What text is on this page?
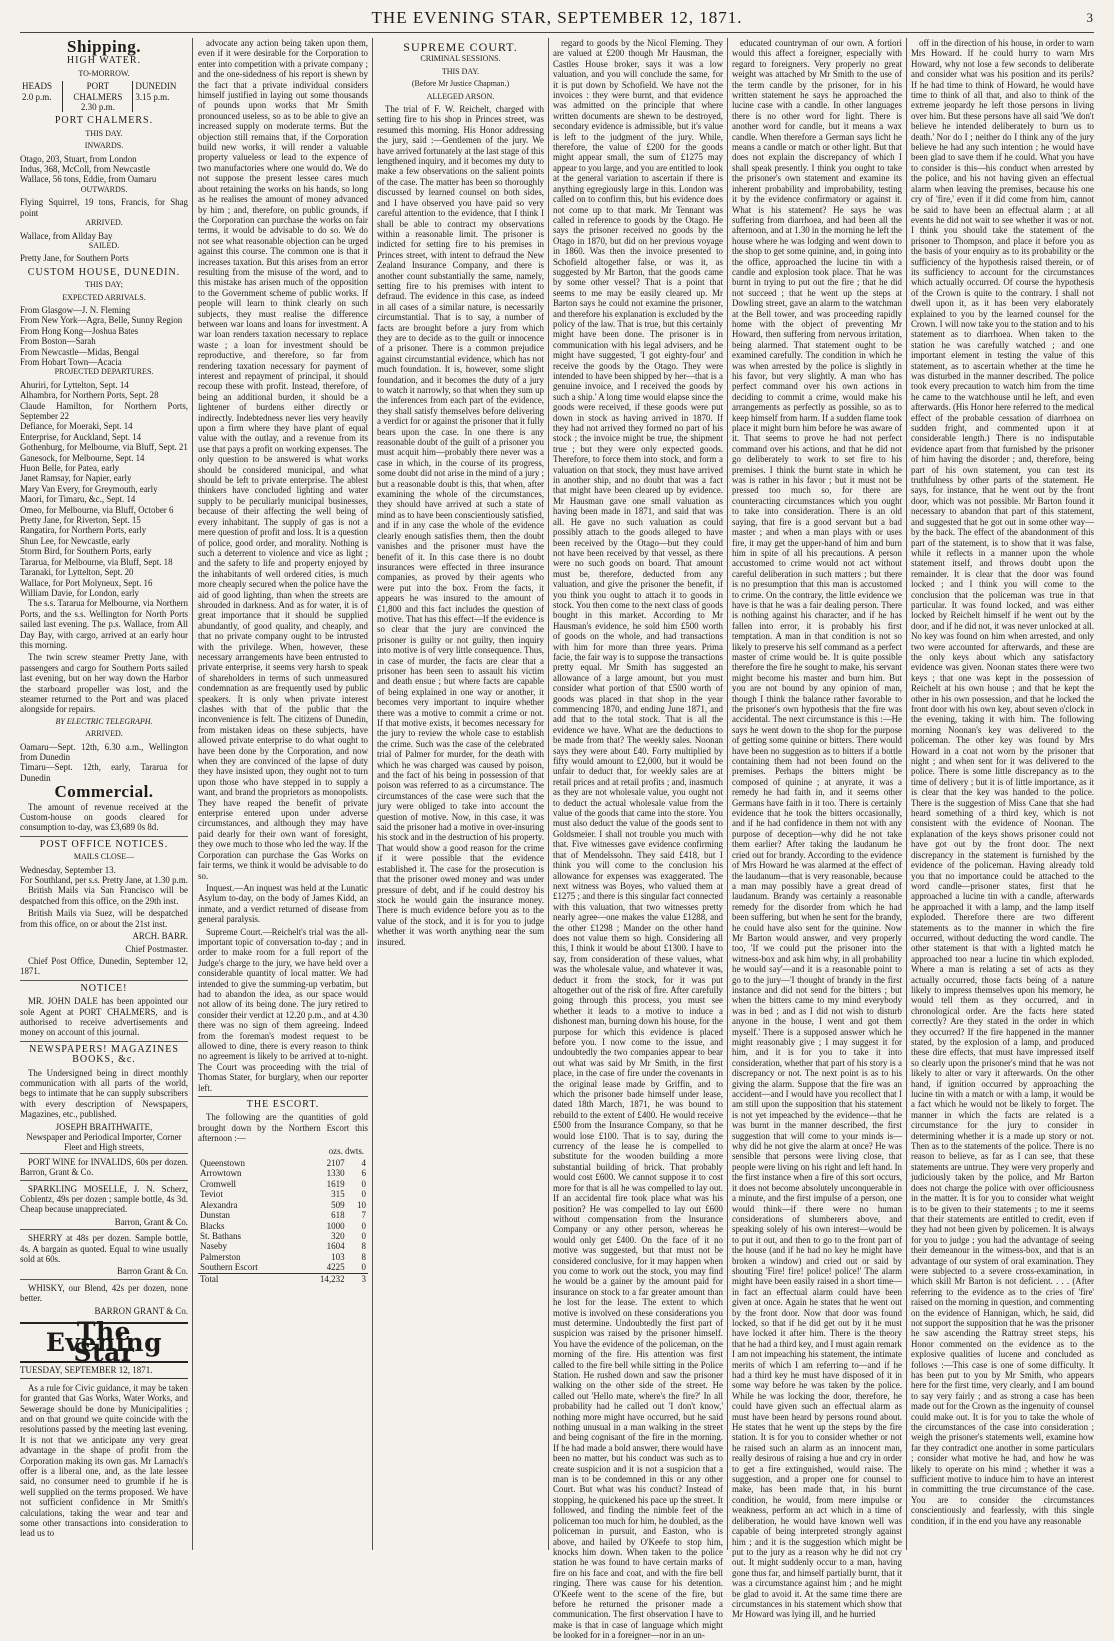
THE EVENING STAR, SEPTEMBER 12, 1871.	3
Shipping.
HIGH WATER.
TO-MORROW.
HEADS 2.0 p.m.	PORT CHALMERS 2.30 p.m.	DUNEDIN 3.15 p.m.
PORT CHALMERS.
THIS DAY.
INWARDS.
Otago, 203, Stuart, from London
Indus, 368, McColl, from Newcastle
Wallace, 56 tons, Eddie, from Oamaru
OUTWARDS.
Flying Squirrel, 19 tons, Francis, for Shag point
ARRIVED.
Wallace, from Allday Bay
SAILED.
Pretty Jane, for Southern Ports
CUSTOM HOUSE, DUNEDIN.
THIS DAY;
EXPECTED ARRIVALS.
From Glasgow—J. N. Fleming
From New York—Agra, Belle, Sunny Region
From Hong Kong—Joshua Bates
From Boston—Sarah
From Newcastle—Midas, Bengal
From Hobart Town—Acacia
PROJECTED DEPARTURES.
Ahuriri, for Lyttelton, Sept. 14
Alhambra, for Northern Ports, Sept. 28
Claude Hamilton, for Northern Ports, September 22
Defiance, for Moeraki, Sept. 14
Enterprise, for Auckland, Sept. 14
Gothenburg, for Melbourne, via Bluff, Sept. 21
Ganesock, for Melbourne, Sept. 14
Huon Belle, for Patea, early
Janet Ramsay, for Napier, early
Mary Van Every, for Greymouth, early
Maori, for Timaru, &c., Sept. 14
Omeo, for Melbourne, via Bluff, October 6
Pretty Jane, for Riverton, Sept. 15
Rangatira, for Northern Ports, early
Shun Lee, for Newcastle, early
Storm Bird, for Southern Ports, early
Tararua, for Melbourne, via Bluff, Sept. 18
Taranaki, for Lyttelton, Sept. 20
Wallace, for Port Molyneux, Sept. 16
William Davie, for London, early

The s.s. Tararua for Melbourne, via Northern Ports, and the s.s. Wellington for North Ports sailed last evening. The p.s. Wallace, from All Day Bay, with cargo, arrived at an early hour this morning.

The twin screw steamer Pretty Jane, with passengers and cargo for Southern Ports sailed last evening, but on her way down the Harbor the starboard propeller was lost, and the steamer returned to the Port and was placed alongside for repairs.

BY ELECTRIC TELEGRAPH.
ARRIVED.
Oamaru—Sept. 12th, 6.30 a.m., Wellington from Dunedin
Timaru—Sept. 12th, early, Tararua for Dunedin
Commercial.

The amount of revenue received at the Custom-house on goods cleared for consumption to-day, was £3,689 0s 8d.

POST OFFICE NOTICES.
MAILS CLOSE—
Wednesday, September 13.
For Southland, per s.s. Pretty Jane, at 1.30 p.m.

British Mails via San Francisco will be despatched from this office, on the 29th inst.

British Mails via Suez, will be despatched from this office, on or about the 21st inst.

ARCH. BARR.

Chief Postmaster.

Chief Post Office, Dunedin, September 12, 1871.

NOTICE!

MR. JOHN DALE has been appointed our sole Agent at PORT CHALMERS, and is authorised to receive advertisements and money on account of this journal.

NEWSPAPERS! MAGAZINES BOOKS, &c.

The Undersigned being in direct monthly communication with all parts of the world, begs to intimate that he can supply subscribers with every description of Newspapers, Magazines, etc., published.

JOSEPH BRAITHWAITE,
Newspaper and Periodical Importer, Corner Fleet and High streets,

PORT WINE for INVALIDS, 60s per dozen. Barron, Grant & Co.

SPARKLING MOSELLE, J. N. Scherz, Coblentz, 49s per dozen ; sample bottle, 4s 3d. Cheap because unappreciated.

Barron, Grant & Co.

SHERRY at 48s per dozen. Sample bottle, 4s. A bargain as quoted. Equal to wine usually sold at 60s.

Barron Grant & Co.

WHISKY, our Blend, 42s per dozen, none better.

BARRON GRANT & Co.

The Evening Star
TUESDAY, SEPTEMBER 12, 1871.

As a rule for Civic guidance, it may be taken for granted that Gas Works, Water Works, and Sewerage should be done by Municipalities ; and on that ground we quite coincide with the resolutions passed by the meeting last evening. It is not that we anticipate any very great advantage in the shape of profit from the Corporation making its own gas. Mr Larnach's offer is a liberal one, and, as the late lessee said, no consumer need to grumble if he is well supplied on the terms proposed. We have not sufficient confidence in Mr Smith's calculations, taking the wear and tear and some other transactions into consideration to lead us to

advocate any action being taken upon them, even if it were desirable for the Corporation to enter into competition with a private company ; and the one-sidedness of his report is shewn by the fact that a private individual considers himself justified in laying out some thousands of pounds upon works that Mr Smith pronounced useless, so as to be able to give an increased supply on moderate terms. But the objection still remains that, if the Corporation build new works, it will render a valuable property valueless or lead to the expence of two manufactories where one would do. We do not suppose the present lessee cares much about retaining the works on his hands, so long as he realises the amount of money advanced by him ; and, therefore, on public grounds, if the Corporation can purchase the works on fair terms, it would be advisable to do so. We do not see what reasonable objection can be urged against this course. The common one is that it increases taxation. But this arises from an error resulting from the misuse of the word, and to this mistake has arisen much of the opposition to the Government scheme of public works. If people will learn to think clearly on such subjects, they must realise the difference between war loans and loans for investment. A war loan renders taxation necessary to replace waste ; a loan for investment should be reproductive, and therefore, so far from rendering taxation necessary for payment of interest and repayment of principal, it should recoup these with profit. Instead, therefore, of being an additional burden, it should be a lightener of burdens either directly or indirectly. Indebtedness never lies very heavily upon a firm where they have plant of equal value with the outlay, and a revenue from its use that pays a profit on working expenses. The only question to be answered is what works should be considered municipal, and what should be left to private enterprise. The ablest thinkers have concluded lighting and water supply to be peculiarly municipal businesses, because of their affecting the well being of every inhabitant. The supply of gas is not a mere question of profit and loss. It is a question of police, good order, and morality. Nothing is such a deterrent to violence and vice as light ; and the safety to life and property enjoyed by the inhabitants of well ordered cities, is much more cheaply secured when the police have the aid of good lighting, than when the streets are shrouded in darkness. And as for water, it is of great importance that it should be supplied abundantly, of good quality, and cheaply, and that no private company ought to be intrusted with the privilege. When, however, these necessary arrangements have been entrusted to private enterprise, it seems very harsh to speak of shareholders in terms of such unmeasured condemnation as are frequently used by public speakers. It is only when private interest clashes with that of the public that the inconvenience is felt. The citizens of Dunedin, from mistaken ideas on these subjects, have allowed private enterprise to do what ought to have been done by the Corporation, and now when they are convinced of the lapse of duty they have insisted upon, they ought not to turn upon those who have stepped in to supply a want, and brand the proprietors as monopolists. They have reaped the benefit of private enterprise entered upon under adverse circumstances, and although they may have paid dearly for their own want of foresight, they owe much to those who led the way. If the Corporation can purchase the Gas Works on fair terms, we think it would be advisable to do so.

Inquest.—An inquest was held at the Lunatic Asylum to-day, on the body of James Kidd, an inmate, and a verdict returned of disease from general paralysis.

Supreme Court.—Reichelt's trial was the all-important topic of conversation to-day ; and in order to make room for a full report of the Judge's charge to the jury, we have held over a considerable quantity of local matter. We had intended to give the summing-up verbatim, but had to abandon the idea, as our space would not allow of its being done. The jury retired to consider their verdict at 12.20 p.m., and at 4.30 there was no sign of them agreeing. Indeed from the foreman's modest request to be allowed to dine, there is every reason to think no agreement is likely to be arrived at to-night. The Court was proceeding with the trial of Thomas Stater, for burglary, when our reporter left.

THE ESCORT.

The following are the quantities of gold brought down by the Northern Escort this afternoon :—

ozs. dwts.
Queenstown	2107	4
Arrowtown	1330	6
Cromwell	1619	0
Teviot	315	0
Alexandra	509	10
Dunstan	618	7
Blacks	1000	0
St. Bathans	320	0
Naseby	1604	8
Palmerston	103	8
Southern Escort	4225	0
Total	14,232	3
SUPREME COURT.
CRIMINAL SESSIONS.
THIS DAY.
(Before Mr Justice Chapman.)
ALLEGED ARSON.

The trial of F. W. Reichelt, charged with setting fire to his shop in Princes street, was resumed this morning. His Honor addressing the jury, said :—Gentlemen of the jury. We have arrived fortunately at the last stage of this lengthened inquiry, and it becomes my duty to make a few observations on the salient points of the case. The matter has been so thoroughly discussed by learned counsel on both sides, and I have observed you have paid so very careful attention to the evidence, that I think I shall be able to contract my observations within a reasonable limit. The prisoner is indicted for setting fire to his premises in Princes street, with intent to defraud the New Zealand Insurance Company, and there is another count substantially the same, namely, setting fire to his premises with intent to defraud. The evidence in this case, as indeed in all cases of a similar nature, is necessarily circumstantial. That is to say, a number of facts are brought before a jury from which they are to decide as to the guilt or innocence of a prisoner. There is a common prejudice against circumstantial evidence, which has not much foundation. It is, however, some slight foundation, and it becomes the duty of a jury to watch it narrowly, so that when they sum up the inferences from each part of the evidence, they shall satisfy themselves before delivering a verdict for or against the prisoner that it fully bears upon the case. In one there is any reasonable doubt of the guilt of a prisoner you must acquit him—probably there never was a case in which, in the course of its progress, some doubt did not arise in the mind of a jury ; but a reasonable doubt is this, that when, after examining the whole of the circumstances, they should have arrived at such a state of mind as to have been conscientiously satisfied, and if in any case the whole of the evidence clearly enough satisfies them, then the doubt vanishes and the prisoner must have the benefit of it. In this case there is no doubt insurances were effected in three insurance companies, as proved by their agents who were put into the box. From the facts, it appears he was insured to the amount of £1,800 and this fact includes the question of motive. That has this effect—If the evidence is so clear that the jury are convinced the prisoner is guilty or not guilty, then inquiry into motive is of very little consequence. Thus, in case of murder, the facts are clear that a prisoner has been seen to assault his victim and death ensue ; but where facts are capable of being explained in one way or another, it becomes very important to inquire whether there was a motive to commit a crime or not. If that motive exists, it becomes necessary for the jury to review the whole case to establish the crime. Such was the case of the celebrated trial of Palmer for murder, for the death with which he was charged was caused by poison, and the fact of his being in possession of that poison was referred to as a circumstance. The circumstances of the case were such that the jury were obliged to take into account the question of motive. Now, in this case, it was said the prisoner had a motive in over-insuring his stock and in the destruction of his property. That would show a good reason for the crime if it were possible that the evidence established it. The case for the prosecution is that the prisoner owed money and was under pressure of debt, and if he could destroy his stock he would gain the insurance money. There is much evidence before you as to the value of the stock, and it is for you to judge whether it was worth anything near the sum insured.

regard to goods by the Nicol Fleming. They are valued at £200 though Mr Hausman, the Castles House broker, says it was a low valuation, and you will conclude the same, for it is put down by Schofield. We have not the invoices : they were burnt, and that evidence was admitted on the principle that where written documents are shewn to be destroyed, secondary evidence is admissible, but it's value is left to the judgment of the jury. While, therefore, the value of £200 for the goods might appear small, the sum of £1275 may appear to you large, and you are entitled to look at the general variation to ascertain if there is anything egregiously large in this. London was called on to confirm this, but his evidence does not come up to that mark. Mr Tennant was called in reference to goods by the Otago. He says the prisoner received no goods by the Otago in 1870, but did on her previous voyage in 1860. Was then the invoice presented to Schofield altogether false, or was it, as suggested by Mr Barton, that the goods came by some other vessel? That is a point that seems to me may be easily cleared up. Mr Barton says he could not examine the prisoner, and therefore his explanation is excluded by the policy of the law. That is true, but this certainly might have been done. The prisoner is in communication with his legal advisers, and he might have suggested, 'I got eighty-four' and receive the goods by the Otago. They were intended to have been shipped by her—that is a genuine invoice, and I received the goods by such a ship.' A long time would elapse since the goods were received, if these goods were put down in stock as having arrived in 1870. If they had not arrived they formed no part of his stock ; the invoice might be true, the shipment true ; but they were only expected goods. Therefore, to force them into stock, and form a valuation on that stock, they must have arrived in another ship, and no doubt that was a fact that might have been cleared up by evidence. Mr Hausman gave one small valuation as having been made in 1871, and said that was all. He gave no such valuation as could possibly attach to the goods alleged to have been received by the Otago—but they could not have been received by that vessel, as there were no such goods on board. That amount must be, therefore, deducted from any valuation, and give the prisoner the benefit, if you think you ought to attach it to goods in stock. You then come to the next class of goods bought in this market. According to Mr Hausman's evidence, he sold him £500 worth of goods on the whole, and had transactions with him for more than three years. Prima facie, the fair way is to suppose the transactions pretty equal. Mr Smith has suggested an allowance of a large amount, but you must consider what portion of that £500 worth of goods was placed in that shop in the year commencing 1870, and ending June 1871, and add that to the total stock. That is all the evidence we have. What are the deductions to be made from that? The weekly sales. Noonan says they were about £40. Forty multiplied by fifty would amount to £2,000, but it would be unfair to deduct that, for weekly sales are at retail prices and at retail profits ; and, inasmuch as they are not wholesale value, you ought not to deduct the actual wholesale value from the value of the goods that came into the store. You must also deduct the value of the goods sent to Goldsmeier. I shall not trouble you much with that. Five witnesses gave evidence confirming that of Mendelssohn. They said £418, but I think you will come to the conclusion his allowance for expenses was exaggerated. The next witness was Boyes, who valued them at £1275 ; and there is this singular fact connected with this valuation, that two witnesses pretty nearly agree—one makes the value £1288, and the other £1298 ; Mander on the other hand does not value them so high. Considering all this, I think it would be about £1300. I have to say, from consideration of these values, what was the wholesale value, and whatever it was, deduct it from the stock, for it was put altogether out of the risk of fire. After carefully going through this process, you must see whether it leads to a motive to induce a dishonest man, burning down his house, for the purpose for which this evidence is placed before you. I now come to the issue, and undoubtedly the two companies appear to bear out what was said by Mr Smith, in the first place, in the case of fire under the covenants in the original lease made by Griffin, and to which the prisoner bade himself under lease, dated 18th March, 1871, he was bound to rebuild to the extent of £400. He would receive £500 from the Insurance Company, so that he would lose £100. That is to say, during the currency of the lease he is compelled to substitute for the wooden building a more substantial building of brick. That probably would cost £600. We cannot suppose it to cost more for that is all he was compelled to lay out. If an accidental fire took place what was his position? He was compelled to lay out £600 without compensation from the Insurance Company or any other person, whereas he would only get £400. On the face of it no motive was suggested, but that must not be considered conclusive, for it may happen when you come to work out the stock, you may find he would be a gainer by the amount paid for insurance on stock to a far greater amount than he lost for the lease. The extent to which motive is involved on these considerations you must determine. Undoubtedly the first part of suspicion was raised by the prisoner himself. You have the evidence of the policeman, on the morning of the fire. His attention was first called to the fire bell while sitting in the Police Station. He rushed down and saw the prisoner walking on the other side of the street. He called out 'Hello mate, where's the fire?' In all probability had he called out 'I don't know,' nothing more might have occurred, but he said nothing unusual in a man walking in the street and being cognisant of the fire in the morning. If he had made a bold answer, there would have been no matter, but his conduct was such as to create suspicion and it is not a suspicion that a man is to be condemned in this or any other Court. But what was his conduct? Instead of stopping, he quickened his pace up the street. It followed, and finding the nimble feet of the policeman too much for him, he doubled, as the policeman in pursuit, and Easton, who is above, and hailed by O'Keefe to stop him, knocks him down. When taken to the police station he was found to have certain marks of fire on his face and coat, and with the fire bell ringing. There was cause for his detention. O'Keefe went to the scene of the fire, but before he returned the prisoner made a communication. The first observation I have to make is that in case of language which might be looked for in a foreigner—nor in an un-

educated countryman of our own. A fortiori would this affect a foreigner, especially with regard to foreigners. Very properly no great weight was attached by Mr Smith to the use of the term candle by the prisoner, for in his written statement he says he approached the lucine case with a candle. In other languages there is no other word for light. There is another word for candle, but it means a wax candle. When therefore a German says licht he means a candle or match or other light. But that does not explain the discrepancy of which I shall speak presently. I think you ought to take the prisoner's own statement and examine its inherent probability and improbability, testing it by the evidence confirmatory or against it. What is his statement? He says he was suffering from diarrhoea, and had been all the afternoon, and at 1.30 in the morning he left the house where he was lodging and went down to the shop to get some quinine, and, in going into the office, approached the lucine tin with a candle and explosion took place. That he was burnt in trying to put out the fire ; that he did not succeed ; that he went up the steps at Dowling street, gave an alarm to the watchman at the Bell tower, and was proceeding rapidly home with the object of preventing Mr Howard, then suffering from nervous irritation, being alarmed. That statement ought to be examined carefully. The condition in which he was when arrested by the police is slightly in his favor, but very slightly. A man who has perfect command over his own actions in deciding to commit a crime, would make his arrangements as perfectly as possible, so as to keep himself from harm. If a sudden flame took place it might burn him before he was aware of it. That seems to prove he had not perfect command over his actions, and that he did not go deliberately to work to set fire to his premises. I think the burnt state in which he was is rather in his favor ; but it must not be pressed too much so, for there are counteracting circumstances which you ought to take into consideration. There is an old saying, that fire is a good servant but a bad master ; and when a man plays with or uses fire, it may get the upper-hand of him and burn him in spite of all his precautions. A person accustomed to crime would not act without careful deliberation in such matters ; but there is no presumption that this man is accustomed to crime. On the contrary, the little evidence we have is that he was a fair dealing person. There is nothing against his character, and if he has fallen into error, it is probably his first temptation. A man in that condition is not so likely to preserve his self command as a perfect master of crime would be. It is quite possible therefore the fire he sought to make, his servant might become his master and burn him. But you are not bound by any opinion of man, though I think the balance rather favorable to the prisoner's own hypothesis that the fire was accidental. The next circumstance is this :—He says he went down to the shop for the purpose of getting some quinine or bitters. There would have been no suggestion as to bitters if a bottle containing them had not been found on the premises. Perhaps the bitters might be composed of quinine ; at anyrate, it was a remedy he had faith in, and it seems other Germans have faith in it too. There is certainly evidence that he took the bitters occasionally, and if he had confidence in them not with any purpose of deception—why did he not take them earlier? After taking the laudanum he cried out for brandy. According to the evidence of Mrs Howard he was alarmed at the effect of the laudanum—that is very reasonable, because a man may possibly have a great dread of laudanum. Brandy was certainly a reasonable remedy for the disorder from which he had been suffering, but when he sent for the brandy, he could have also sent for the quinine. Now Mr Barton would answer, and very properly too, 'If we could put the prisoner into the witness-box and ask him why, in all probability he would say'—and it is a reasonable point to go to the jury—'I thought of brandy in the first instance and did not send for the bitters ; but when the bitters came to my mind everybody was in bed ; and as I did not wish to disturb anyone in the house, I went and got them myself.' There is a supposed answer which he might reasonably give ; I may suggest it for him, and it is for you to take it into consideration, whether that part of his story is a discrepancy or not. The next point is as to his giving the alarm. Suppose that the fire was an accident—and I would have you recollect that I am still upon the supposition that his statement is not yet impeached by the evidence—that he was burnt in the manner described, the first suggestion that will come to your minds is—why did he not give the alarm at once? He was sensible that persons were living close, that people were living on his right and left hand. In the first instance when a fire of this sort occurs, it does not become absolutely unconquerable in a minute, and the first impulse of a person, one would think—if there were no human considerations of slumberers above, and speaking solely of his own interest—would be to put it out, and then to go to the front part of the house (and if he had no key he might have broken a window) and cried out or said by shouting 'Fire! fire! police! police!' The alarm might have been easily raised in a short time—in fact an effectual alarm could have been given at once. Again he states that he went out by the front door. Now that door was found locked, so that if he did get out by it he must have locked it after him. There is the theory that he had a third key, and I must again remark I am not impeaching his statement, the intimate merits of which I am referring to—and if he had a third key he must have disposed of it in some way before he was taken by the police. While he was locking the door, therefore, he could have given such an effectual alarm as must have been heard by persons round about. He states that he went up the steps by the fire station. It is for you to consider whether or not he raised such an alarm as an innocent man, really desirous of raising a hue and cry in order to get a fire extinguished, would raise. The suggestion, and a proper one for counsel to make, has been made that, in his burnt condition, he would, from mere impulse or weakness, perform an act which in a time of deliberation, he would have known well was capable of being interpreted strongly against him ; and it is the suggestion which might be put to the jury as a reason why he did not cry out. It might suddenly occur to a man, having gone thus far, and himself partially burnt, that it was a circumstance against him ; and he might be glad to avoid it. At the same time there are circumstances in his statement which show that Mr Howard was lying ill, and he hurried

off in the direction of his house, in order to warn Mrs Howard. If he could hurry to warn Mrs Howard, why not lose a few seconds to deliberate and consider what was his position and its perils? If he had time to think of Howard, he would have time to think of all that, and also to think of the extreme jeopardy he left those persons in living over him. But these persons have all said 'We don't believe he intended deliberately to burn us to death.' Nor do I ; neither do I think any of the jury believe he had any such intention ; he would have been glad to save them if he could. What you have to consider is this—his conduct when arrested by the police, and his not having given an effectual alarm when leaving the premises, because his one cry of 'fire,' even if it did come from him, cannot be said to have been an effectual alarm ; at all events he did not wait to see whether it was or not. I think you should take the statement of the prisoner to Thompson, and place it before you as the basis of your enquiry as to its probability or the sufficiency of the hypothesis raised therein, or of its sufficiency to account for the circumstances which actually occurred. Of course the hypothesis of the Crown is quite to the contrary. I shall not dwell upon it, as it has been very elaborately explained to you by the learned counsel for the Crown. I will now take you to the station and to his statement as to diarrhoea. When taken to the station he was carefully watched ; and one important element in testing the value of this statement, as to ascertain whether at the time he was disturbed in the manner described. The police took every precaution to watch him from the time he came to the watchhouse until he left, and even afterwards. (His Honor here referred to the medical effect of the probable cessation of diarrhoea on sudden fright, and commented upon it at considerable length.) There is no indisputable evidence apart from that furnished by the prisoner of him having the disorder ; and, therefore, being part of his own statement, you can test its truthfulness by other parts of the statement. He says, for instance, that he went out by the front door, which was not possible. Mr Barton found it necessary to abandon that part of this statement, and suggested that he got out in some other way—by the back. The effect of the abandonment of this part of the statement, is to show that it was false, while it reflects in a manner upon the whole statement itself, and throws doubt upon the remainder. It is clear that the door was found locked ; and I think you will come to the conclusion that the policeman was true in that particular. It was found locked, and was either locked by Reichelt himself if he went out by the door, and if he did not, it was never unlocked at all. No key was found on him when arrested, and only two were accounted for afterwards, and these are the only keys about which any satisfactory evidence was given. Noonan states there were two keys ; that one was kept in the possession of Reichelt at his own house ; and that he kept the other in his own possession, and that he locked the front door with his own key, about seven o'clock in the evening, taking it with him. The following morning Noonan's key was delivered to the policeman. The other key was found by Mrs Howard in a coat not worn by the prisoner that night ; and when sent for it was delivered to the police. There is some little discrepancy as to the time of delivery ; but it is of little importance, as it is clear that the key was handed to the police. There is the suggestion of Miss Cane that she had heard something of a third key, which is not consistent with the evidence of Noonan. The explanation of the keys shows prisoner could not have got out by the front door. The next discrepancy in the statement is furnished by the evidence of the policeman. Having already told you that no importance could be attached to the word candle—prisoner states, first that he approached a lucine tin with a candle, afterwards he approached it with a lamp, and the lamp itself exploded. Therefore there are two different statements as to the manner in which the fire occurred, without deducting the word candle. The other statement is that with a lighted match he approached too near a lucine tin which exploded. Where a man is relating a set of acts as they actually occurred, those facts being of a nature likely to impress themselves upon his memory, he would tell them as they occurred, and in chronological order. Are the facts here stated correctly? Are they stated in the order in which they occurred? If the fire happened in the manner stated, by the explosion of a lamp, and produced these dire effects, that must have impressed itself so clearly upon the prisoner's mind that he was not likely to alter or vary it afterwards. On the other hand, if ignition occurred by approaching the lucine tin with a match or with a lamp, it would be a fact which he would not be likely to forget. The manner in which the facts are related is a circumstance for the jury to consider in determining whether it is a made up story or not. Then as to the statements of the police. There is no reason to believe, as far as I can see, that these statements are untrue. They were very properly and judiciously taken by the police, and Mr Barton does not charge the police with over officiousness in the matter. It is for you to consider what weight is to be given to their statements ; to me it seems that their statements are entitled to credit, even if they had not been given by policemen. It is always for you to judge ; you had the advantage of seeing their demeanour in the witness-box, and that is an advantage of our system of oral examination. They were subjected to a severe cross-examination, in which skill Mr Barton is not deficient. . . . (After referring to the evidence as to the cries of 'fire' raised on the morning in question, and commenting on the evidence of Hannigan, which, he said, did not support the supposition that he was the prisoner he saw ascending the Rattray street steps, his Honor commented on the evidence as to the explosive qualities of lucene and concluded as follows :—This case is one of some difficulty. It has been put to you by Mr Smith, who appears here for the first time, very clearly, and I am bound to say very fairly ; and as strong a case has been made out for the Crown as the ingenuity of counsel could make out. It is for you to take the whole of the circumstances of the case into consideration ; weigh the prisoner's statements well, examine how far they contradict one another in some particulars ; consider what motive he had, and how he was likely to operate on his mind ; whether it was a sufficient motive to induce him to have an interest in committing the true circumstance of the case. You are to consider the circumstances conscientiously and fearlessly, with this single condition, if in the end you have any reasonable
